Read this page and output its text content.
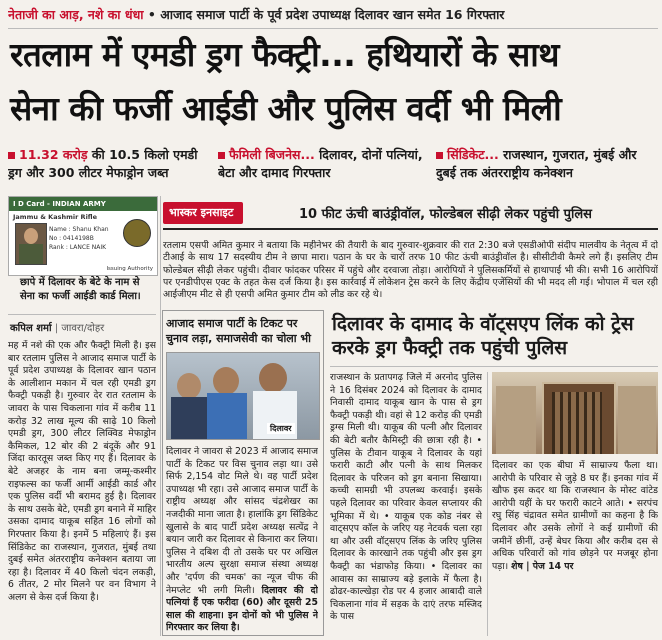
नेताजी का आड़, नशे का धंधा • आजाद समाज पार्टी के पूर्व प्रदेश उपाध्यक्ष दिलावर खान समेत 16 गिरफ्तार
रतलाम में एमडी ड्रग फैक्ट्री... हथियारों के साथ
सेना की फर्जी आईडी और पुलिस वर्दी भी मिली
11.32 करोड़ की 10.5 किलो एमडी ड्रग और 300 लीटर मेफाड्रोन जब्त
फैमिली बिजनेस... दिलावर, दोनों पत्नियां, बेटा और दामाद गिरफ्तार
सिंडिकेट... राजस्थान, गुजरात, मुंबई और दुबई तक अंतरराष्ट्रीय कनेक्शन
I D Card - INDIAN ARMY
Jammu & Kashmir Rifle
Name : Shanu Khan
No : 0414198B
Rank : LANCE NAIK
Issuing Authority
छापे में दिलावर के बेटे के नाम से सेना का फर्जी आईडी कार्ड मिला।
कपिल शर्मा | जावरा/दोहर
मह में नशे की एक और फैक्ट्री मिली है। इस बार रतलाम पुलिस ने आजाद समाज पार्टी के पूर्व प्रदेश उपाध्यक्ष के दिलावर खान पठान के आलीशान मकान में चल रही एमडी ड्रग फैक्ट्री पकड़ी है। गुरुवार देर रात रतलाम के जावरा के पास चिकलाना गांव में करीब 11 करोड़ 32 लाख मूल्य की साढ़े 10 किलो एमडी ड्रग, 300 लीटर लिक्विड मेफाड्रोन कैमिकल, 12 बोर की 2 बंदूकें और 91 जिंदा कारतूस जब्त किए गए हैं। दिलावर के बेटे अजहर के नाम बना जम्मू-कश्मीर राइफल्स का फर्जी आर्मी आईडी कार्ड और एक पुलिस वर्दी भी बरामद हुई है। दिलावर के साथ उसके बेटे, एमडी ड्रग बनाने में माहिर उसका दामाद याकूब सहित 16 लोगों को गिरफ्तार किया है। इनमें 5 महिलाएं हैं। इस सिंडिकेट का राजस्थान, गुजरात, मुंबई तथा दुबई समेत अंतरराष्ट्रीय कनेक्शन बताया जा रहा है। दिलावर में 40 किलो चंदन लकड़ी, 6 तीतर, 2 मोर मिलने पर वन विभाग ने अलग से केस दर्ज किया है।
भास्कर इनसाइट	10 फीट ऊंची बाउंड्रीवॉल, फोल्डेबल सीढ़ी लेकर पहुंची पुलिस
रतलाम एसपी अमित कुमार ने बताया कि महीनेभर की तैयारी के बाद गुरुवार-शुक्रवार की रात 2:30 बजे एसडीओपी संदीप मालवीय के नेतृत्व में दो टीआई के साथ 17 सदस्यीय टीम ने छापा मारा। पठान के घर के चारों तरफ 10 फीट ऊंची बाउंड्रीवॉल है। सीसीटीवी कैमरे लगे हैं। इसलिए टीम फोल्डेबल सीढ़ी लेकर पहुंची। दीवार फांदकर परिसर में पहुंचे और दरवाजा तोड़ा। आरोपियों ने पुलिसकर्मियों से हाथापाई भी की। सभी 16 आरोपियों पर एनडीपीएस एक्ट के तहत केस दर्ज किया है। इस कार्रवाई में लोकेशन ट्रेस करने के लिए केंद्रीय एजेंसियों की भी मदद ली गई। भोपाल में चल रही आईजीएम मीट से ही एसपी अमित कुमार टीम को लीड कर रहे थे।
आजाद समाज पार्टी के टिकट पर चुनाव लड़ा, समाजसेवी का चोला भी
दिलावर
दिलावर ने जावरा से 2023 में आजाद समाज पार्टी के टिकट पर विस चुनाव लड़ा था। उसे सिर्फ 2,154 वोट मिले थे। वह पार्टी प्रदेश उपाध्यक्ष भी रहा। उसे आजाद समाज पार्टी के राष्ट्रीय अध्यक्ष और सांसद चंद्रशेखर का नजदीकी माना जाता है। हालांकि ड्रग सिंडिकेट खुलासे के बाद पार्टी प्रदेश अध्यक्ष सत्येंद्र ने बयान जारी कर दिलावर से किनारा कर लिया। पुलिस ने दबिश दी तो उसके घर पर अखिल भारतीय अल्प सुरक्षा समाज संस्था अध्यक्ष और 'दर्पण की चमक' का न्यूज चीफ की नेमप्लेट भी लगी मिली। दिलावर की दो पत्नियां हैं एक फरीदा (60) और दूसरी 25 साल की शाहना। इन दोनों को भी पुलिस ने गिरफ्तार कर लिया है।
दिलावर के दामाद के वॉट्सएप लिंक को ट्रेस करके ड्रग फैक्ट्री तक पहुंची पुलिस
राजस्थान के प्रतापगढ़ जिले में अरनोद पुलिस ने 16 दिसंबर 2024 को दिलावर के दामाद निवासी दामाद याकूब खान के पास से ड्रग फैक्ट्री पकड़ी थी। वहां से 12 करोड़ की एमडी ड्रग्स मिली थी। याकूब की पत्नी और दिलावर की बेटी बतौर कैमिस्ट्री की छात्रा रही है। • पुलिस के टीवान याकूब ने दिलावर के यहां फरारी काटी और पत्नी के साथ मिलकर दिलावर के परिजन को ड्रग बनाना सिखाया। कच्ची सामग्री भी उपलब्ध करवाई। इसके पहले दिलावर का परिवार केवल सप्लायर की भूमिका में थे। • याकूब एक कोड नंबर से वाट्सएप कॉल के जरिए यह नेटवर्क चला रहा था और उसी वॉट्सएप लिंक के जरिए पुलिस दिलावर के कारखाने तक पहुंची और इस ड्रग फैक्ट्री का भंडाफोड़ किया। • दिलावर का आवास का साम्राज्य बड़े इलाके में फैला है। ढोढर-काल्खेड़ा रोड पर 4 हजार आबादी वाले चिकलाना गांव में सड़क के दाएं तरफ मस्जिद के पास
दिलावर का एक बीघा में साम्राज्य फैला था। आरोपी के परिवार से जुड़े 8 घर हैं। इनका गांव में खौफ इस कदर था कि राजस्थान के मोस्ट वांटेड आरोपी यहीं के घर फरारी काटने आते। • सरपंच रघु सिंह चंद्रावत समेत ग्रामीणों का कहना है कि दिलावर और उसके लोगों ने कई ग्रामीणों की जमीनें छीनीं, उन्हें बेघर किया और करीब दस से अधिक परिवारों को गांव छोड़ने पर मजबूर होना पड़ा। शेष | पेज 14 पर
